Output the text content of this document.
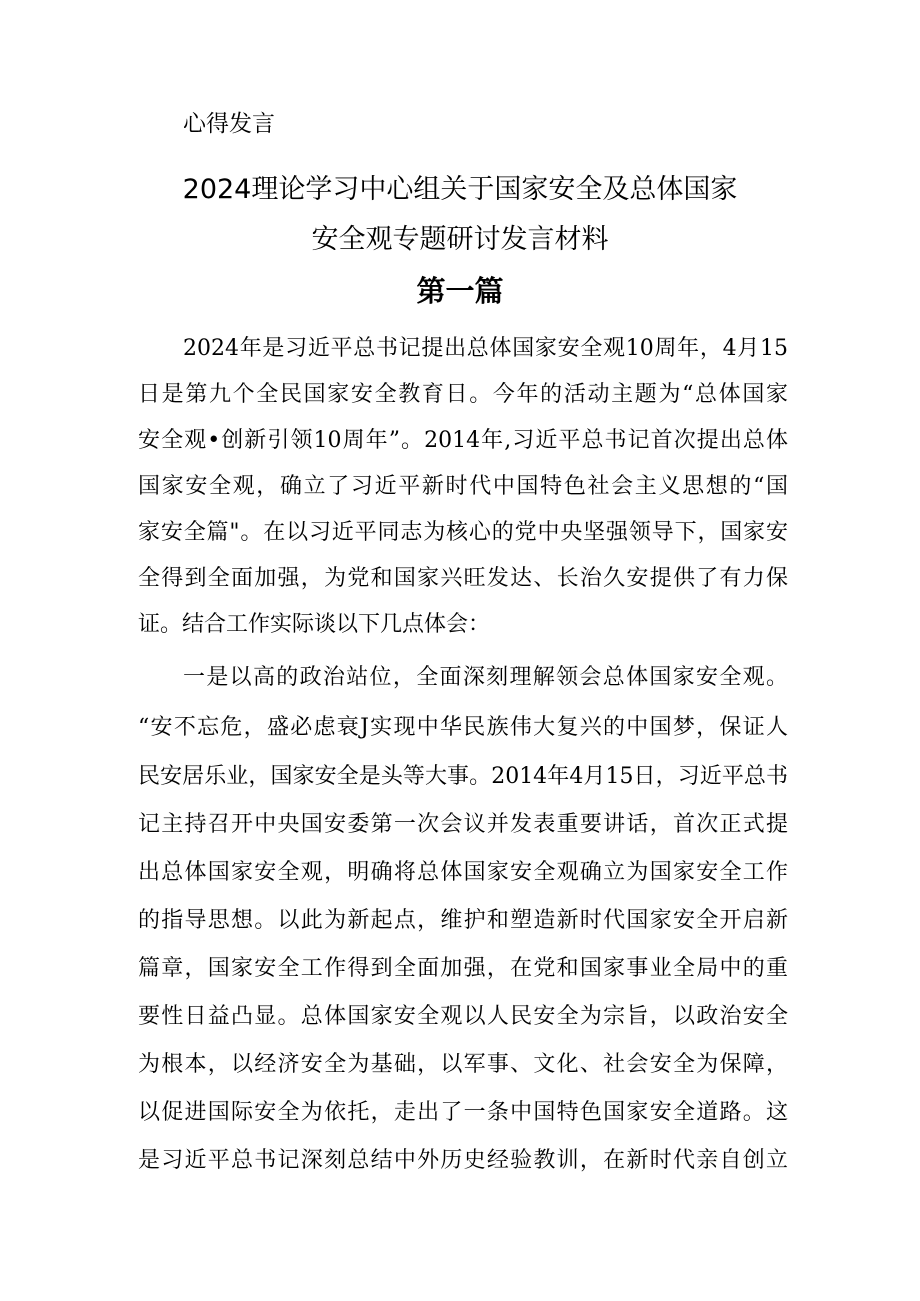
心得发言
2024理论学习中心组关于国家安全及总体国家
安全观专题研讨发言材料
第一篇

2024年是习近平总书记提出总体国家安全观10周年，4月15

日是第九个全民国家安全教育日。今年的活动主题为“总体国家

安全观•创新引领10周年”。2014年,习近平总书记首次提出总体

国家安全观，确立了习近平新时代中国特色社会主义思想的“国

家安全篇"。在以习近平同志为核心的党中央坚强领导下，国家安

全得到全面加强，为党和国家兴旺发达、长治久安提供了有力保

证。结合工作实际谈以下几点体会：

一是以高的政治站位，全面深刻理解领会总体国家安全观。

“安不忘危，盛必虑衰J实现中华民族伟大复兴的中国梦，保证人

民安居乐业，国家安全是头等大事。2014年4月15日，习近平总书

记主持召开中央国安委第一次会议并发表重要讲话，首次正式提

出总体国家安全观，明确将总体国家安全观确立为国家安全工作

的指导思想。以此为新起点，维护和塑造新时代国家安全开启新

篇章，国家安全工作得到全面加强，在党和国家事业全局中的重

要性日益凸显。总体国家安全观以人民安全为宗旨，以政治安全

为根本，以经济安全为基础，以军事、文化、社会安全为保障，

以促进国际安全为依托，走出了一条中国特色国家安全道路。这

是习近平总书记深刻总结中外历史经验教训，在新时代亲自创立
